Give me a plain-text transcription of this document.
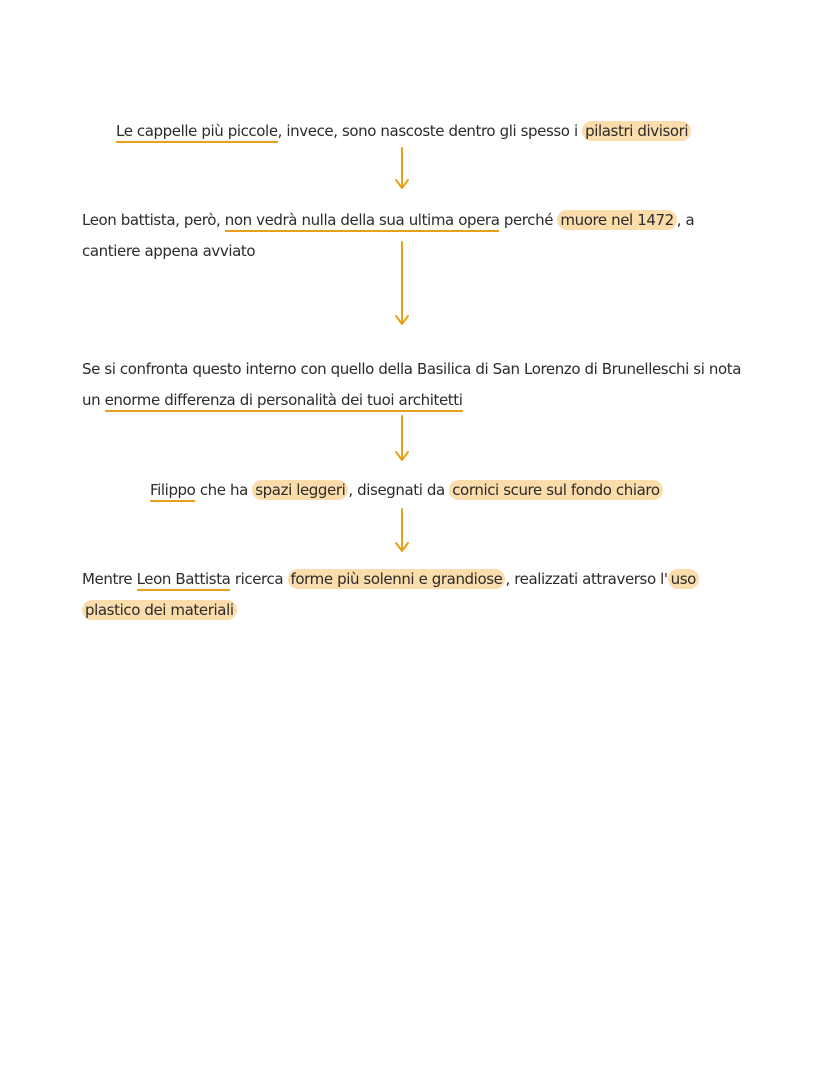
Le cappelle più piccole, invece, sono nascoste dentro gli spesso i pilastri divisori

Leon battista, però, non vedrà nulla della sua ultima opera perché muore nel 1472 , a cantiere appena avviato

Se si confronta questo interno con quello della Basilica di San Lorenzo di Brunelleschi si nota un enorme differenza di personalità dei tuoi architetti

Filippo che ha spazi leggeri , disegnati da cornici scure sul fondo chiaro

Mentre Leon Battista ricerca forme più solenni e grandiose , realizzati attraverso l' uso plastico dei materiali
